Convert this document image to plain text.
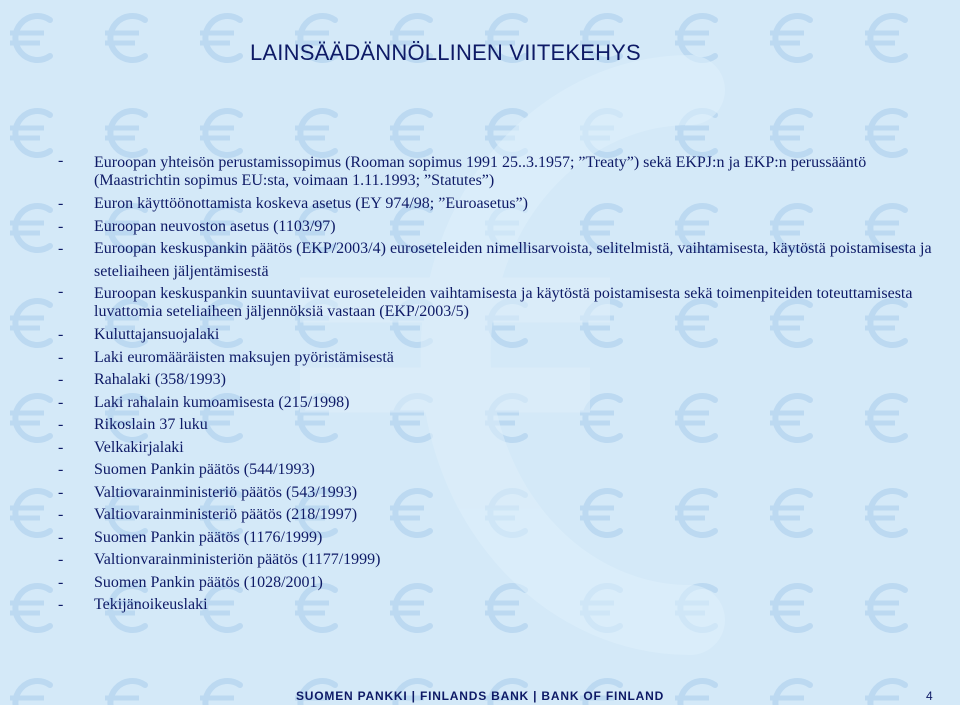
LAINSÄÄDÄNNÖLLINEN VIITEKEHYS
- Euroopan yhteisön perustamissopimus (Rooman sopimus 1991 25..3.1957; ”Treaty”) sekä EKPJ:n ja EKP:n perussääntö (Maastrichtin sopimus EU:sta, voimaan 1.11.1993; ”Statutes”)
- Euron käyttöönottamista koskeva asetus (EY 974/98; ”Euroasetus”)
- Euroopan neuvoston asetus (1103/97)
- Euroopan keskuspankin päätös (EKP/2003/4) euroseteleiden nimellisarvoista, selitelmistä, vaihtamisesta, käytöstä poistamisesta ja seteliaiheen jäljentämisestä
- Euroopan keskuspankin suuntaviivat euroseteleiden vaihtamisesta ja käytöstä poistamisesta sekä toimenpiteiden toteuttamisesta luvattomia seteliaiheen jäljennöksiä vastaan (EKP/2003/5)
- Kuluttajansuojalaki
- Laki euromääräisten maksujen pyöristämisestä
- Rahalaki (358/1993)
- Laki rahalain kumoamisesta (215/1998)
- Rikoslain 37 luku
- Velkakirjalaki
- Suomen Pankin päätös (544/1993)
- Valtiovarainministeriö päätös (543/1993)
- Valtiovarainministeriö päätös (218/1997)
- Suomen Pankin päätös (1176/1999)
- Valtionvarainministeriön päätös (1177/1999)
- Suomen Pankin päätös (1028/2001)
- Tekijänoikeuslaki
SUOMEN PANKKI | FINLANDS BANK | BANK OF FINLAND	4
